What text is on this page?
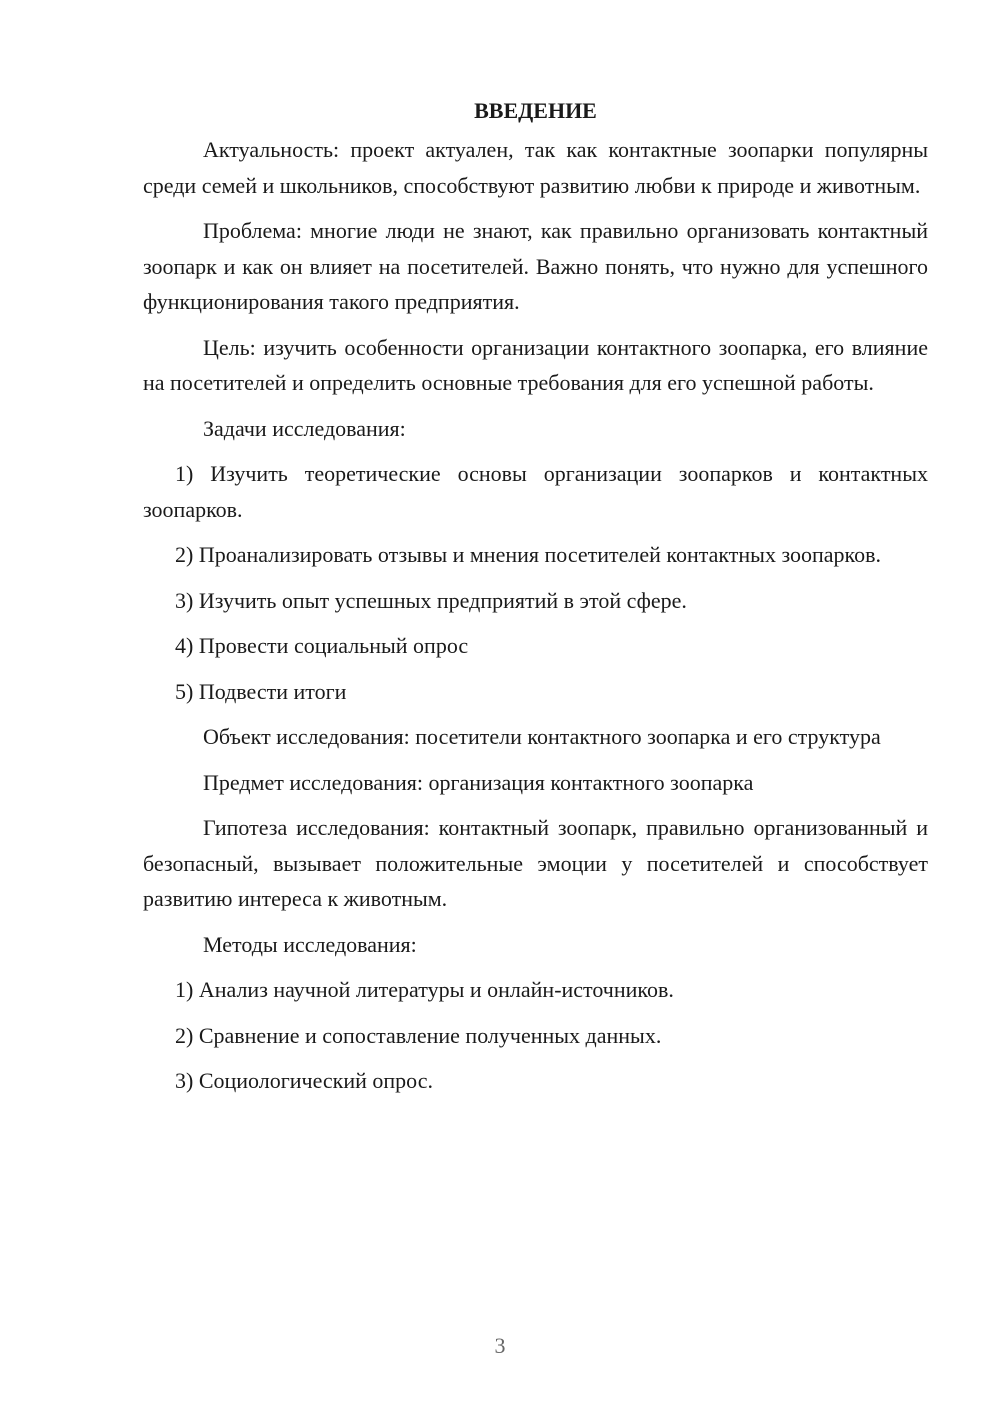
ВВЕДЕНИЕ

Актуальность: проект актуален, так как контактные зоопарки популярны среди семей и школьников, способствуют развитию любви к природе и животным.

Проблема: многие люди не знают, как правильно организовать контактный зоопарк и как он влияет на посетителей. Важно понять, что нужно для успешного функционирования такого предприятия.

Цель: изучить особенности организации контактного зоопарка, его влияние на посетителей и определить основные требования для его успешной работы.

Задачи исследования:

1) Изучить теоретические основы организации зоопарков и контактных зоопарков.

2) Проанализировать отзывы и мнения посетителей контактных зоопарков.

3) Изучить опыт успешных предприятий в этой сфере.

4) Провести социальный опрос

5) Подвести итоги

Объект исследования: посетители контактного зоопарка и его структура

Предмет исследования: организация контактного зоопарка

Гипотеза исследования: контактный зоопарк, правильно организованный и безопасный, вызывает положительные эмоции у посетителей и способствует развитию интереса к животным.

Методы исследования:

1) Анализ научной литературы и онлайн-источников.

2) Сравнение и сопоставление полученных данных.

3) Социологический опрос.

3
